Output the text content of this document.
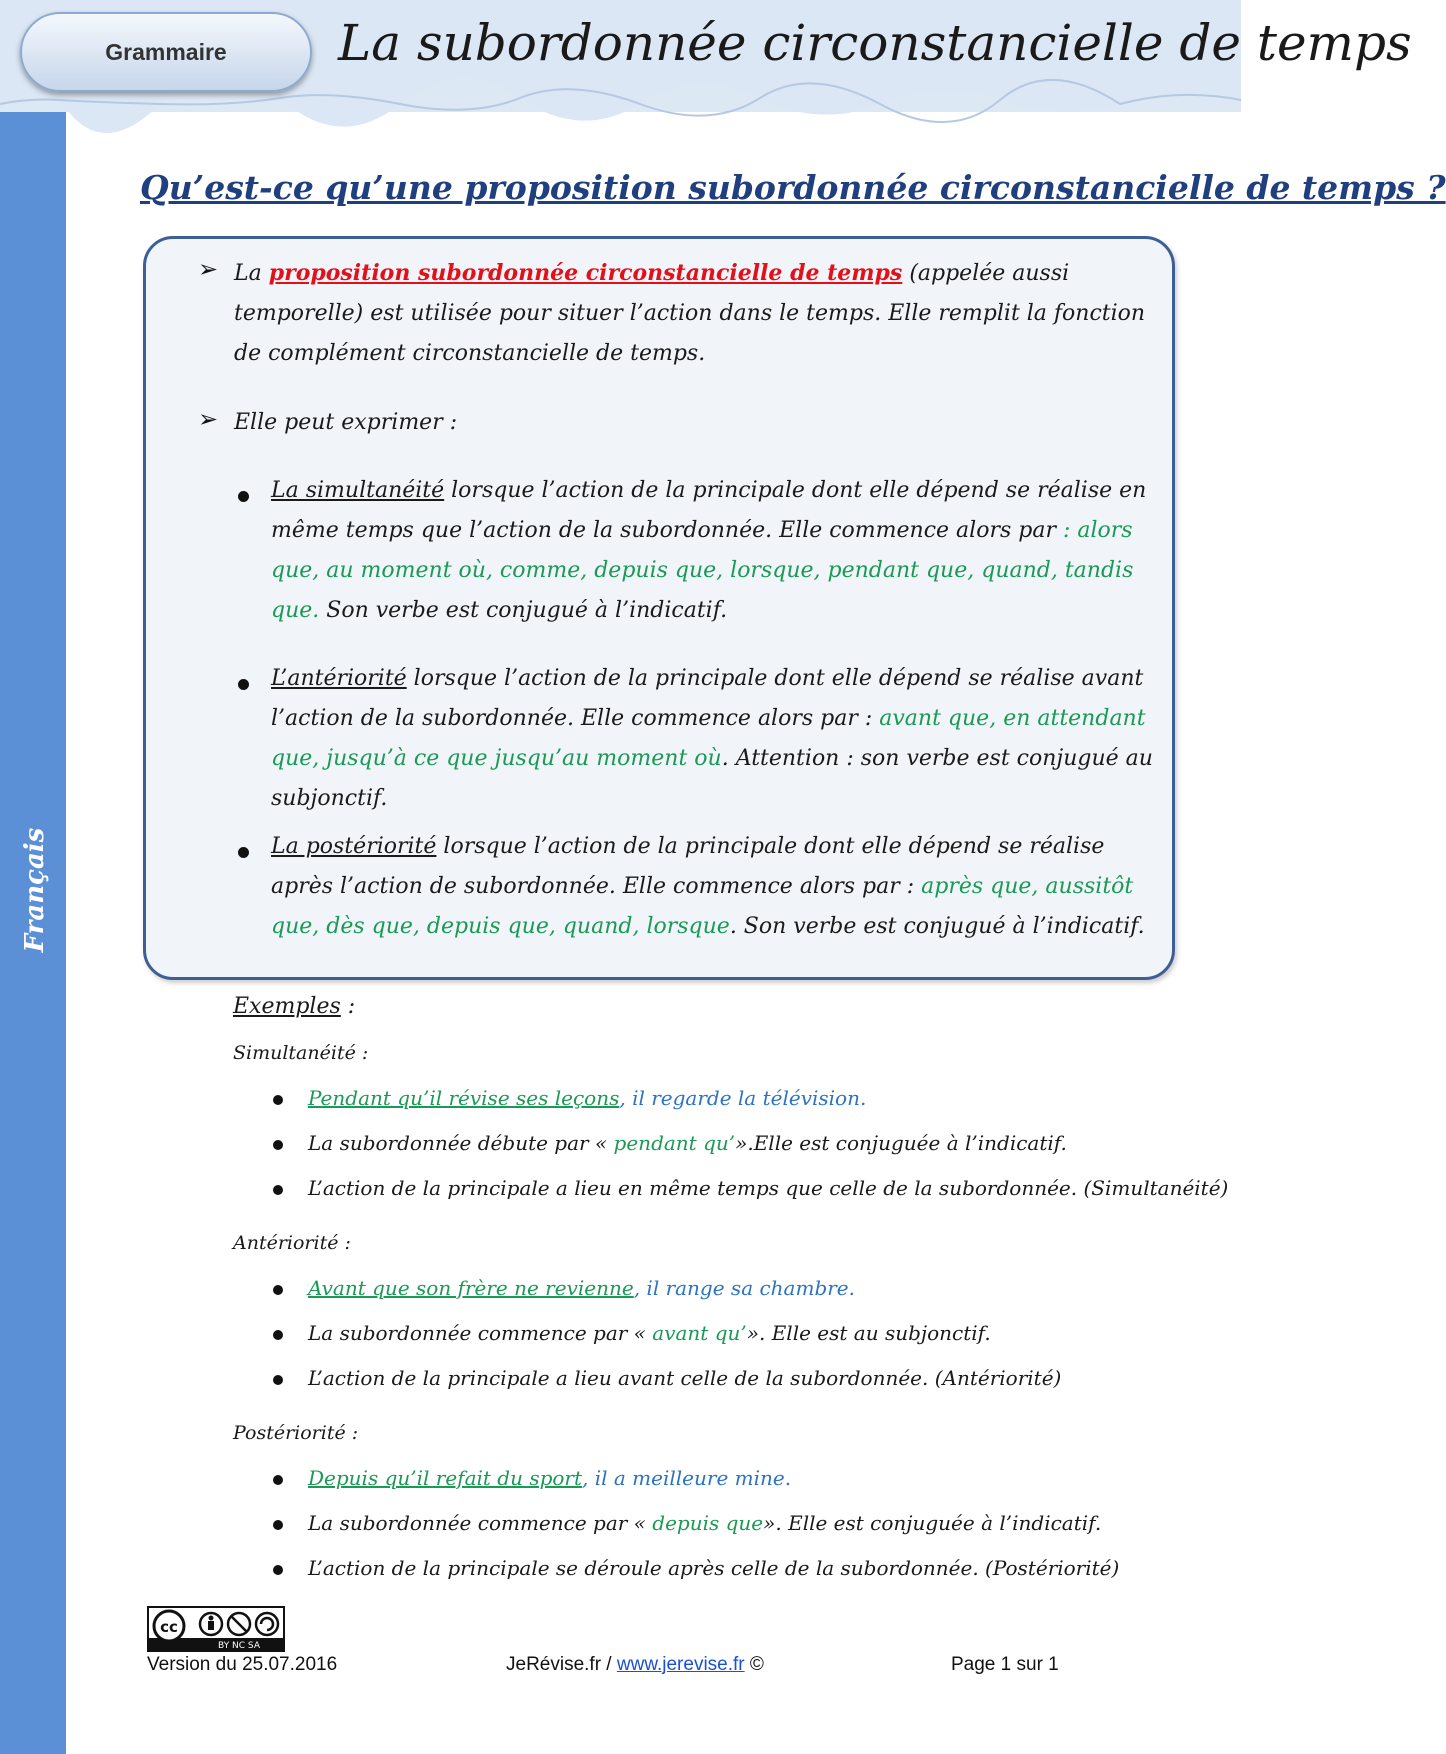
Français
Grammaire	La subordonnée circonstancielle de temps
Qu’est-ce qu’une proposition subordonnée circonstancielle de temps ?
➢ La proposition subordonnée circonstancielle de temps (appelée aussi temporelle) est utilisée pour situer l’action dans le temps. Elle remplit la fonction de complément circonstancielle de temps.

➢ Elle peut exprimer :

La simultanéité lorsque l’action de la principale dont elle dépend se réalise en même temps que l’action de la subordonnée. Elle commence alors par : alors que, au moment où, comme, depuis que, lorsque, pendant que, quand, tandis que. Son verbe est conjugué à l’indicatif.

L’antériorité lorsque l’action de la principale dont elle dépend se réalise avant l’action de la subordonnée. Elle commence alors par : avant que, en attendant que, jusqu’à ce que jusqu’au moment où. Attention : son verbe est conjugué au subjonctif.

La postériorité lorsque l’action de la principale dont elle dépend se réalise après l’action de subordonnée. Elle commence alors par : après que, aussitôt que, dès que, depuis que, quand, lorsque. Son verbe est conjugué à l’indicatif.

Exemples :

Simultanéité :

Pendant qu’il révise ses leçons, il regarde la télévision.

La subordonnée débute par « pendant qu’».Elle est conjuguée à l’indicatif.

L’action de la principale a lieu en même temps que celle de la subordonnée. (Simultanéité)

Antériorité :

Avant que son frère ne revienne, il range sa chambre.

La subordonnée commence par « avant qu’». Elle est au subjonctif.

L’action de la principale a lieu avant celle de la subordonnée. (Antériorité)

Postériorité :

Depuis qu’il refait du sport, il a meilleure mine.

La subordonnée commence par « depuis que». Elle est conjuguée à l’indicatif.

L’action de la principale se déroule après celle de la subordonnée. (Postériorité)

cc
BY NC SA
Version du 25.07.2016	JeRévise.fr / www.jerevise.fr ©	Page 1 sur 1
